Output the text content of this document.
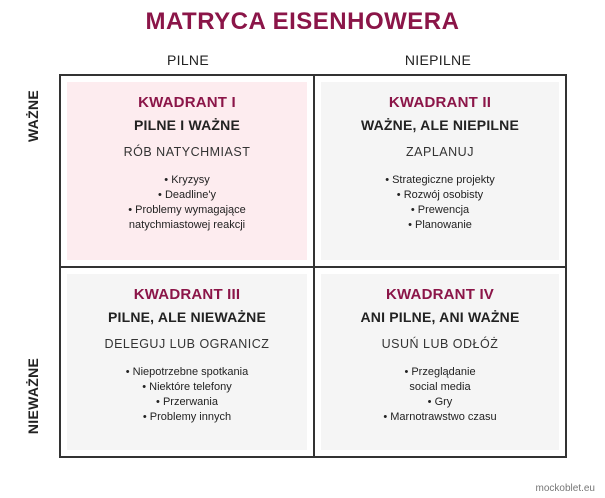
MATRYCA EISENHOWERA
PILNE	NIEPILNE
WAŻNE
NIEWAŻNE
KWADRANT I
PILNE I WAŻNE
RÓB NATYCHMIAST
• Kryzysy
• Deadline'y
• Problemy wymagające
natychmiastowej reakcji
KWADRANT II
WAŻNE, ALE NIEPILNE
ZAPLANUJ
• Strategiczne projekty
• Rozwój osobisty
• Prewencja
• Planowanie
KWADRANT III
PILNE, ALE NIEWAŻNE
DELEGUJ LUB OGRANICZ
• Niepotrzebne spotkania
• Niektóre telefony
• Przerwania
• Problemy innych
KWADRANT IV
ANI PILNE, ANI WAŻNE
USUŃ LUB ODŁÓŻ
• Przeglądanie
social media
• Gry
• Marnotrawstwo czasu
mockoblet.eu
